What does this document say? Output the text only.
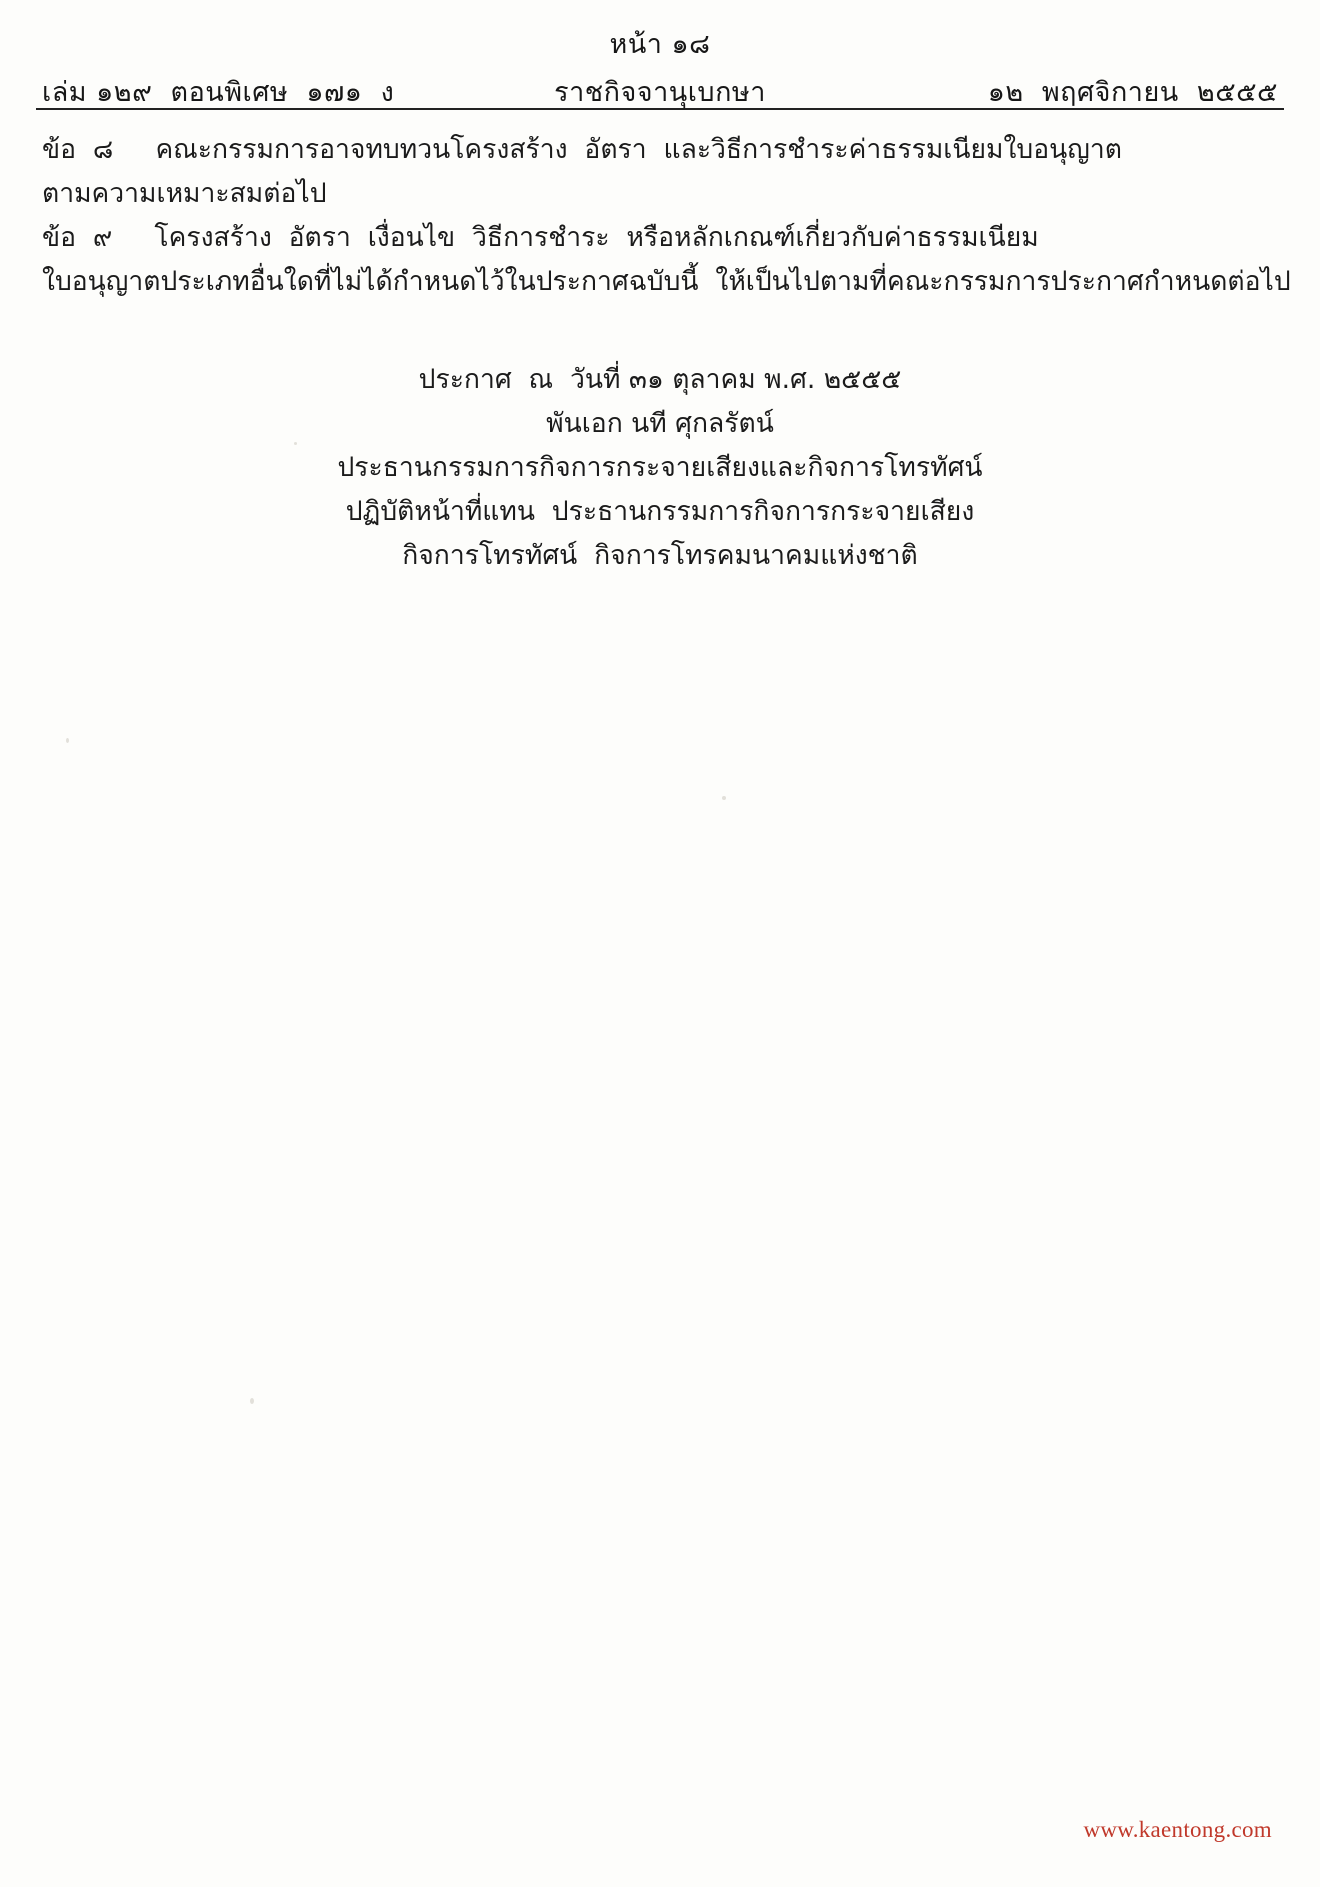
หน้า ๑๘
เล่ม ๑๒๙  ตอนพิเศษ  ๑๗๑  ง	ราชกิจจานุเบกษา	๑๒  พฤศจิกายน  ๒๕๕๕

ข้อ  ๘     คณะกรรมการอาจทบทวนโครงสร้าง  อัตรา  และวิธีการชำระค่าธรรมเนียมใบอนุญาต
ตามความเหมาะสมต่อไป

ข้อ  ๙     โครงสร้าง  อัตรา  เงื่อนไข  วิธีการชำระ  หรือหลักเกณฑ์เกี่ยวกับค่าธรรมเนียม
ใบอนุญาตประเภทอื่นใดที่ไม่ได้กำหนดไว้ในประกาศฉบับนี้  ให้เป็นไปตามที่คณะกรรมการประกาศกำหนดต่อไป

ประกาศ  ณ  วันที่ ๓๑ ตุลาคม พ.ศ. ๒๕๕๕
พันเอก นที ศุกลรัตน์
ประธานกรรมการกิจการกระจายเสียงและกิจการโทรทัศน์
ปฏิบัติหน้าที่แทน  ประธานกรรมการกิจการกระจายเสียง
กิจการโทรทัศน์  กิจการโทรคมนาคมแห่งชาติ
www.kaentong.com
